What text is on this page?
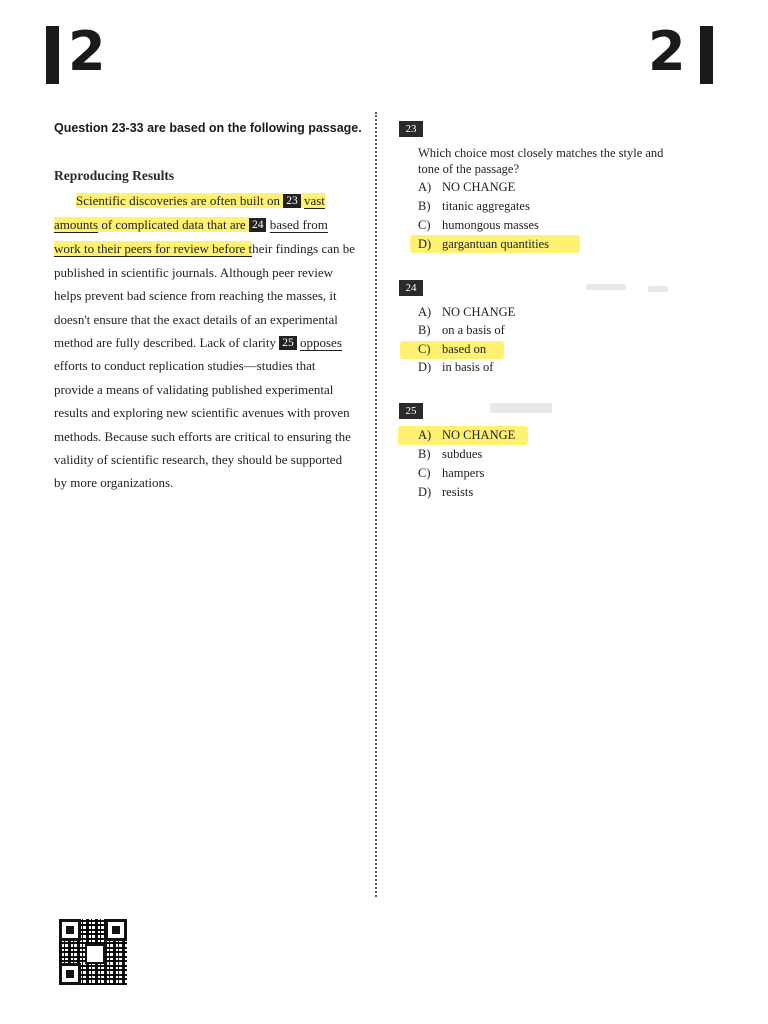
2	2
Question 23-33 are based on the following passage.
Reproducing Results
Scientific discoveries are often built on 23 vast
amounts of complicated data that are 24 based from
work to their peers for review before their findings can be
published in scientific journals. Although peer review
helps prevent bad science from reaching the masses, it
doesn't ensure that the exact details of an experimental
method are fully described. Lack of clarity 25 opposes
efforts to conduct replication studies—studies that
provide a means of validating published experimental
results and exploring new scientific avenues with proven
methods. Because such efforts are critical to ensuring the
validity of scientific research, they should be supported
by more organizations.
23
Which choice most closely matches the style and
tone of the passage?
A) NO CHANGE
B) titanic aggregates
C) humongous masses
D) gargantuan quantities
24
A) NO CHANGE
B) on a basis of
C) based on
D) in basis of
25
A) NO CHANGE
B) subdues
C) hampers
D) resists
